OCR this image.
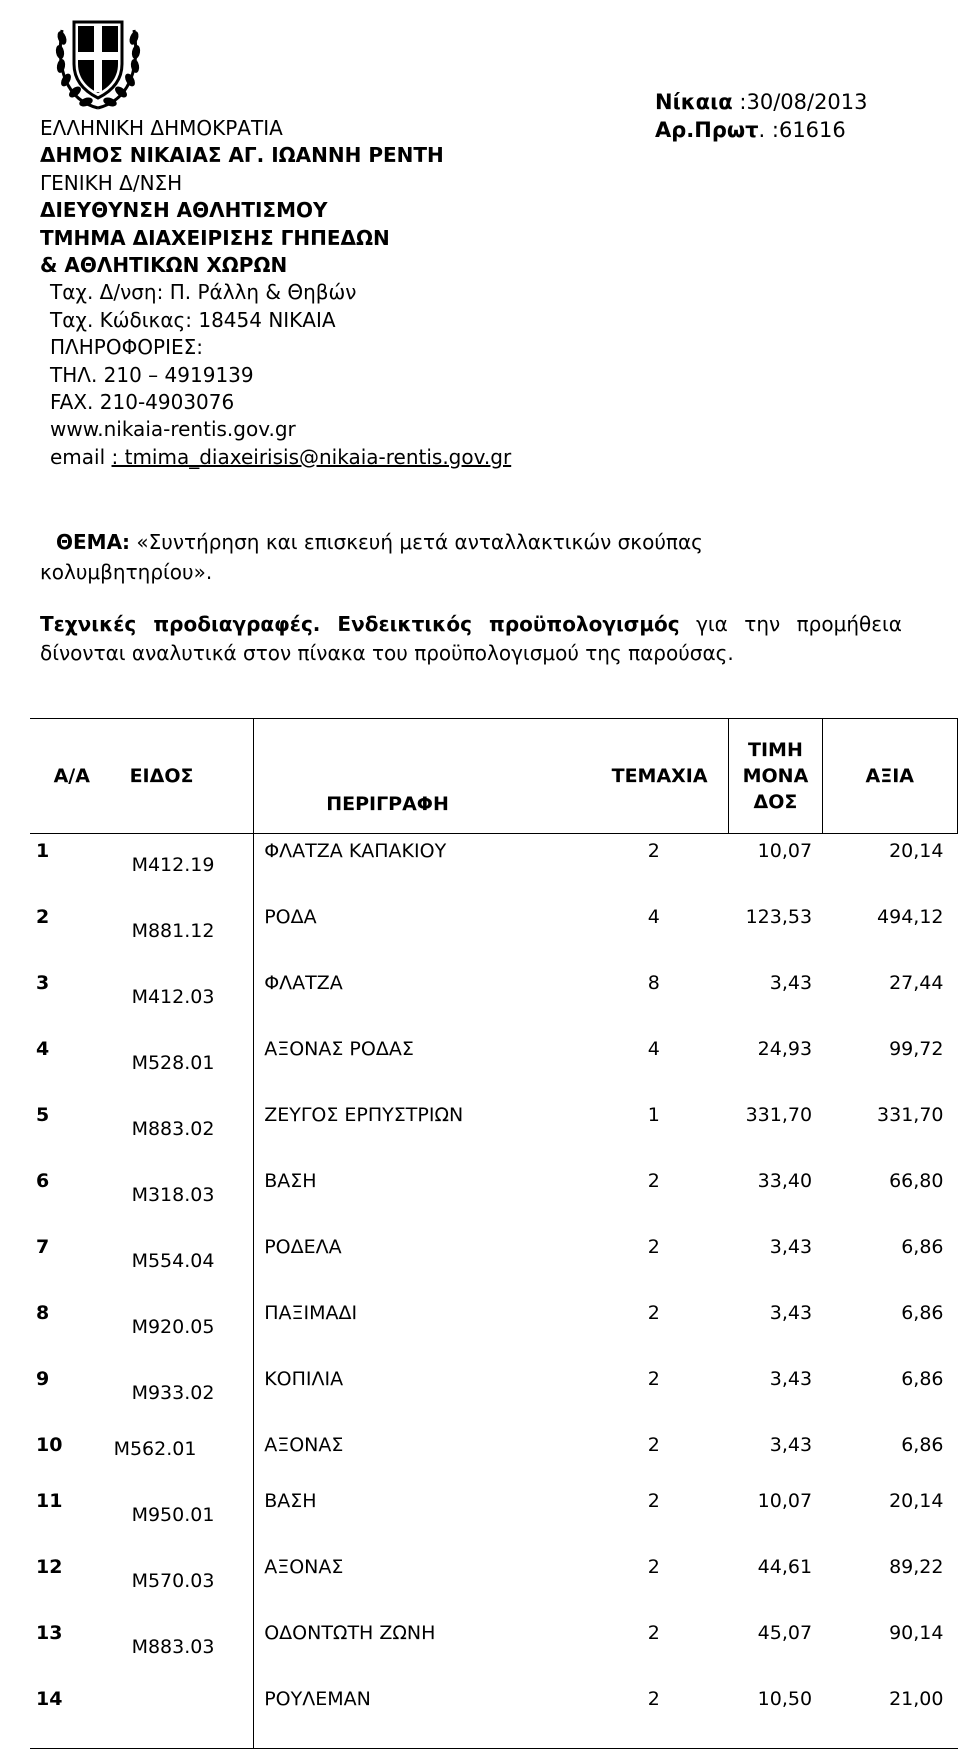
Νίκαια :30/08/2013
Αρ.Πρωτ. :61616
ΕΛΛΗΝΙΚΗ ΔΗΜΟΚΡΑΤΙΑ
ΔΗΜΟΣ ΝΙΚΑΙΑΣ ΑΓ. ΙΩΑΝΝΗ ΡΕΝΤΗ
ΓΕΝΙΚΗ Δ/ΝΣΗ
ΔΙΕΥΘΥΝΣΗ ΑΘΛΗΤΙΣΜΟΥ
ΤΜΗΜΑ ΔΙΑΧΕΙΡΙΣΗΣ ΓΗΠΕΔΩΝ
& ΑΘΛΗΤΙΚΩΝ ΧΩΡΩΝ
Ταχ. Δ/νση: Π. Ράλλη & Θηβών
Ταχ. Κώδικας: 18454 ΝΙΚΑΙΑ
ΠΛΗΡΟΦΟΡΙΕΣ:
ΤΗΛ. 210 – 4919139
FAX. 210-4903076
www.nikaia-rentis.gov.gr
email : tmima_diaxeirisis@nikaia-rentis.gov.gr
ΘΕΜΑ: «Συντήρηση και επισκευή μετά ανταλλακτικών σκούπας
κολυμβητηρίου».
Τεχνικές προδιαγραφές. Ενδεικτικός προϋπολογισμός για την προμήθεια δίνονται αναλυτικά στον πίνακα του προϋπολογισμού της παρούσας.
Α/Α	ΕΙΔΟΣ	ΠΕΡΙΓΡΑΦΗ	ΤΕΜΑΧΙΑ	ΤΙΜΗ
ΜΟΝΑ
ΔΟΣ	ΑΞΙΑ
1	M412.19	ΦΛΑΤΖΑ ΚΑΠΑΚΙΟΥ	2	10,07	20,14
2	M881.12	ΡΟΔΑ	4	123,53	494,12
3	M412.03	ΦΛΑΤΖΑ	8	3,43	27,44
4	M528.01	ΑΞΟΝΑΣ ΡΟΔΑΣ	4	24,93	99,72
5	M883.02	ΖΕΥΓΟΣ ΕΡΠΥΣΤΡΙΩΝ	1	331,70	331,70
6	M318.03	ΒΑΣΗ	2	33,40	66,80
7	M554.04	ΡΟΔΕΛΑ	2	3,43	6,86
8	M920.05	ΠΑΞΙΜΑΔΙ	2	3,43	6,86
9	M933.02	ΚΟΠΙΛΙΑ	2	3,43	6,86
10	M562.01	ΑΞΟΝΑΣ	2	3,43	6,86
11	M950.01	ΒΑΣΗ	2	10,07	20,14
12	M570.03	ΑΞΟΝΑΣ	2	44,61	89,22
13	M883.03	ΟΔΟΝΤΩΤΗ ΖΩΝΗ	2	45,07	90,14
14		ΡΟΥΛΕΜΑΝ	2	10,50	21,00
